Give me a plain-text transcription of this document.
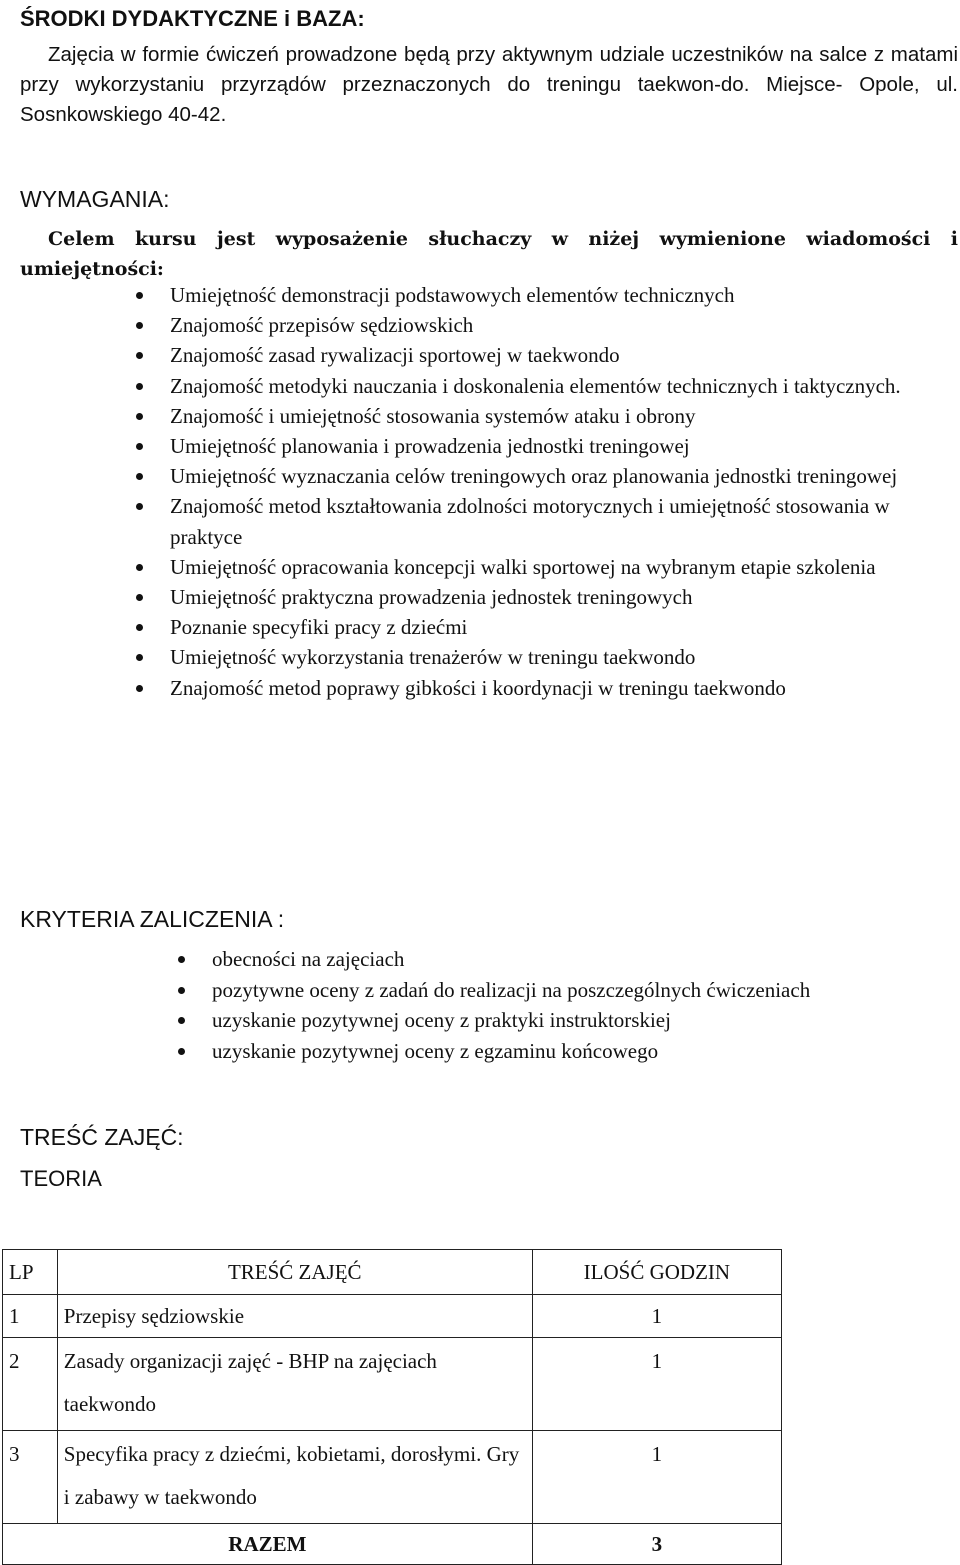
ŚRODKI DYDAKTYCZNE i BAZA:

Zajęcia w formie ćwiczeń prowadzone będą przy aktywnym udziale uczestników na salce z matami przy wykorzystaniu przyrządów przeznaczonych do treningu taekwon-do. Miejsce- Opole, ul. Sosnkowskiego 40-42.

WYMAGANIA:

Celem kursu jest wyposażenie słuchaczy w niżej wymienione wiadomości i
umiejętności:

Umiejętność demonstracji podstawowych elementów technicznych
Znajomość przepisów sędziowskich
Znajomość zasad rywalizacji sportowej w taekwondo
Znajomość metodyki nauczania i doskonalenia elementów technicznych i taktycznych.
Znajomość i umiejętność stosowania systemów ataku i obrony
Umiejętność planowania i prowadzenia jednostki treningowej
Umiejętność wyznaczania celów treningowych oraz planowania jednostki treningowej
Znajomość metod kształtowania zdolności motorycznych i umiejętność stosowania w praktyce
Umiejętność opracowania koncepcji walki sportowej na wybranym etapie szkolenia
Umiejętność praktyczna prowadzenia jednostek treningowych
Poznanie specyfiki pracy z dziećmi
Umiejętność wykorzystania trenażerów w treningu taekwondo
Znajomość metod poprawy gibkości i koordynacji w treningu taekwondo
KRYTERIA ZALICZENIA :
obecności na zajęciach
pozytywne oceny z zadań do realizacji na poszczególnych ćwiczeniach
uzyskanie pozytywnej oceny z praktyki instruktorskiej
uzyskanie pozytywnej oceny z egzaminu końcowego
TREŚĆ ZAJĘĆ:
TEORIA
LP	TREŚĆ ZAJĘĆ	ILOŚĆ GODZIN
1	Przepisy sędziowskie	1
2	Zasady organizacji zajęć - BHP na zajęciach taekwondo	1
3	Specyfika pracy z dziećmi, kobietami, dorosłymi. Gry i zabawy w taekwondo	1
RAZEM		3
